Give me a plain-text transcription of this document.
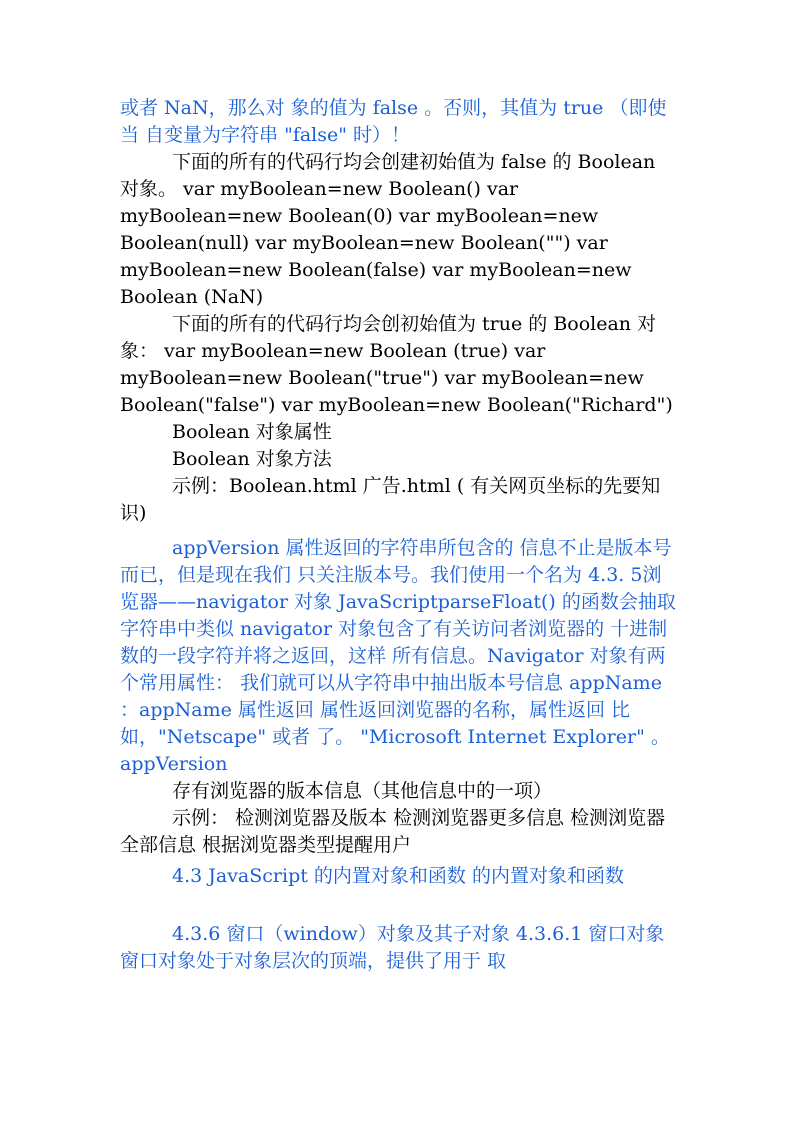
或者 NaN，那么对 象的值为 false 。否则，其值为 true （即使当 自变量为字符串 "false" 时）！

下面的所有的代码行均会创建初始值为 false 的 Boolean 对象。 var myBoolean=new Boolean() var myBoolean=new Boolean(0) var myBoolean=new Boolean(null) var myBoolean=new Boolean("") var myBoolean=new Boolean(false) var myBoolean=new Boolean (NaN)

下面的所有的代码行均会创初始值为 true 的 Boolean 对象： var myBoolean=new Boolean (true) var myBoolean=new Boolean("true") var myBoolean=new Boolean("false") var myBoolean=new Boolean("Richard")

Boolean 对象属性

Boolean 对象方法

示例：Boolean.html 广告.html ( 有关网页坐标的先要知识)

appVersion 属性返回的字符串所包含的 信息不止是版本号而已，但是现在我们 只关注版本号。我们使用一个名为 4.3. 5浏览器——navigator 对象 JavaScriptparseFloat() 的函数会抽取字符串中类似 navigator 对象包含了有关访问者浏览器的 十进制数的一段字符并将之返回，这样 所有信息。Navigator 对象有两个常用属性： 我们就可以从字符串中抽出版本号信息 appName ：appName 属性返回 属性返回浏览器的名称，属性返回 比如，"Netscape" 或者 了。 "Microsoft Internet Explorer" 。 appVersion

存有浏览器的版本信息（其他信息中的一项）

示例： 检测浏览器及版本 检测浏览器更多信息 检测浏览器全部信息 根据浏览器类型提醒用户

4.3 JavaScript 的内置对象和函数 的内置对象和函数

4.3.6 窗口（window）对象及其子对象 4.3.6.1 窗口对象 窗口对象处于对象层次的顶端，提供了用于 取
